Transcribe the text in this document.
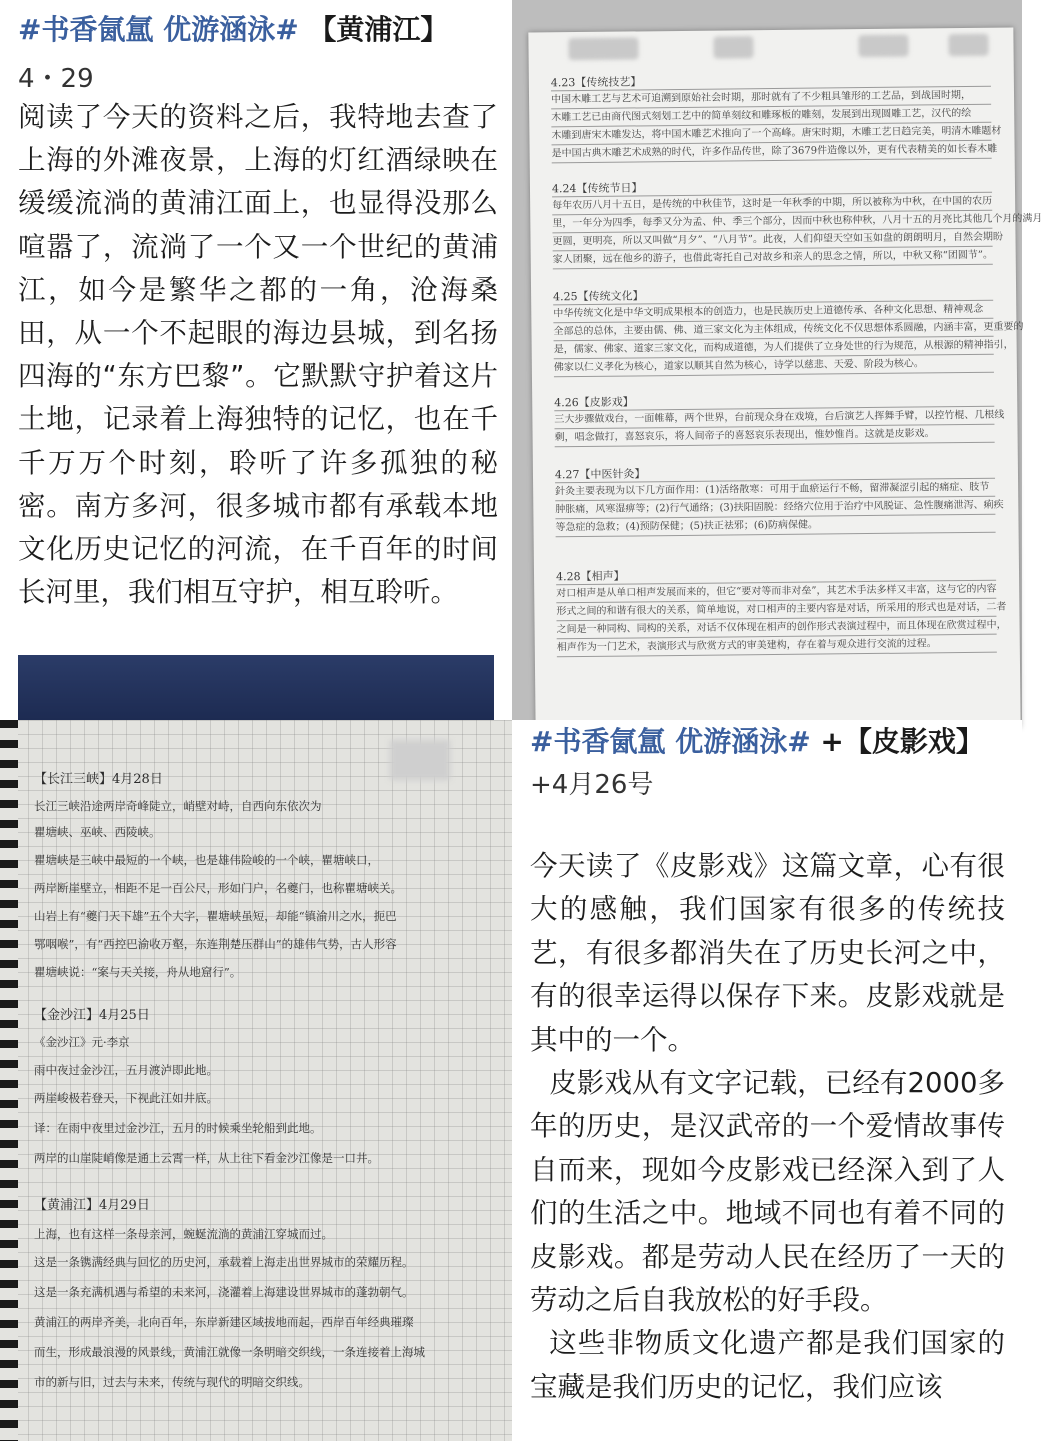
#书香氤氲 优游涵泳# 【黄浦江】
4・29
阅读了今天的资料之后，我特地去查了上海的外滩夜景，上海的灯红酒绿映在缓缓流淌的黄浦江面上，也显得没那么喧嚣了，流淌了一个又一个世纪的黄浦江，如今是繁华之都的一角，沧海桑田，从一个不起眼的海边县城，到名扬四海的“东方巴黎”。它默默守护着这片土地，记录着上海独特的记忆，也在千千万万个时刻，聆听了许多孤独的秘密。南方多河，很多城市都有承载本地文化历史记忆的河流，在千百年的时间长河里，我们相互守护，相互聆听。
4.23【传统技艺】
中国木雕工艺与艺术可追溯到原始社会时期，那时就有了不少粗具雏形的工艺品，到战国时期，
木雕工艺已由商代图式刻划工艺中的简单刻纹和雕琢板的雕刻，发展到出现圆雕工艺，汉代的绘
木雕到唐宋木雕发达，将中国木雕艺术推向了一个高峰。唐宋时期，木雕工艺日趋完美，明清木雕题材
是中国古典木雕艺术成熟的时代，许多作品传世，除了3679件造像以外，更有代表精美的如长春木雕
4.24【传统节日】
每年农历八月十五日，是传统的中秋佳节，这时是一年秋季的中期，所以被称为中秋，在中国的农历
里，一年分为四季，每季又分为孟、仲、季三个部分，因而中秋也称仲秋，八月十五的月亮比其他几个月的满月
更圆，更明亮，所以又叫做“月夕”、“八月节”。此夜，人们仰望天空如玉如盘的朗朗明月，自然会期盼
家人团聚，远在他乡的游子，也借此寄托自己对故乡和亲人的思念之情，所以，中秋又称“团圆节”。
4.25【传统文化】
中华传统文化是中华文明成果根本的创造力，也是民族历史上道德传承、各种文化思想、精神观念
全部总的总体，主要由儒、佛、道三家文化为主体组成，传统文化不仅思想体系圆融，内涵丰富，更重要的
是，儒家、佛家、道家三家文化，而构成道德，为人们提供了立身处世的行为规范，从根源的精神指引，
佛家以仁义孝化为核心，道家以顺其自然为核心，诗学以慈悲、天爱、阶段为核心。
4.26【皮影戏】
三大步骤做戏台，一面帷幕，两个世界，台前现众身在戏境，台后演艺人挥舞手臂，以控竹棍、几根线
剩，唱念做打，喜怒哀乐，将人间帝子的喜怒哀乐表现出，惟妙惟肖。这就是皮影戏。
4.27【中医针灸】
針灸主要表现为以下几方面作用：(1)活络散寒：可用于血瘀运行不畅，留滞凝涩引起的痛症、肢节
肿胀痛，风寒湿痹等；(2)行气通络；(3)扶阳固脱：经络穴位用于治疗中风脱证、急性腹痛泄泻、痢疾
等急症的急救；(4)预防保健；(5)扶正祛邪；(6)防病保健。
4.28【相声】
对口相声是从单口相声发展而来的，但它“要对等而非对垒”，其艺术手法多样又丰富，这与它的内容
形式之间的和谐有很大的关系，简单地说，对口相声的主要内容是对话，所采用的形式也是对话，二者
之间是一种同构、同构的关系，对话不仅体现在相声的创作形式表演过程中，而且体现在欣赏过程中，
相声作为一门艺术，表演形式与欣赏方式的审美建构，存在着与观众进行交流的过程。
【长江三峡】4月28日
长江三峡沿途两岸奇峰陡立，峭壁对峙，自西向东依次为
瞿塘峡、巫峡、西陵峡。
瞿塘峡是三峡中最短的一个峡，也是雄伟险峻的一个峡，瞿塘峡口，
两岸断崖壁立，相距不足一百公尺，形如门户，名夔门，也称瞿塘峡关。
山岩上有“夔门天下雄”五个大字，瞿塘峡虽短，却能“镇渝川之水，扼巴
鄂咽喉”，有“西控巴渝收万壑，东连荆楚压群山”的雄伟气势，古人形容
瞿塘峡说：“案与天关接，舟从地窟行”。
【金沙江】4月25日
《金沙江》元·李京
雨中夜过金沙江，五月渡泸即此地。
两崖峻极若登天，下视此江如井底。
译：在雨中夜里过金沙江，五月的时候乘坐轮船到此地。
两岸的山崖陡峭像是通上云霄一样，从上往下看金沙江像是一口井。
【黄浦江】4月29日
上海，也有这样一条母亲河，蜿蜒流淌的黄浦江穿城而过。
这是一条镌满经典与回忆的历史河，承载着上海走出世界城市的荣耀历程。
这是一条充满机遇与希望的未来河，浇灌着上海建设世界城市的蓬勃朝气。
黄浦江的两岸齐美，北向百年，东岸新建区域拔地而起，西岸百年经典璀璨
而生，形成最浪漫的风景线，黄浦江就像一条明暗交织线，一条连接着上海城
市的新与旧，过去与未来，传统与现代的明暗交织线。
#书香氤氲 优游涵泳# +【皮影戏】
+4月26号

今天读了《皮影戏》这篇文章，心有很大的感触，我们国家有很多的传统技艺，有很多都消失在了历史长河之中，有的很幸运得以保存下来。皮影戏就是其中的一个。

皮影戏从有文字记载，已经有2000多年的历史，是汉武帝的一个爱情故事传自而来，现如今皮影戏已经深入到了人们的生活之中。地域不同也有着不同的皮影戏。都是劳动人民在经历了一天的劳动之后自我放松的好手段。

这些非物质文化遗产都是我们国家的宝藏是我们历史的记忆，我们应该
